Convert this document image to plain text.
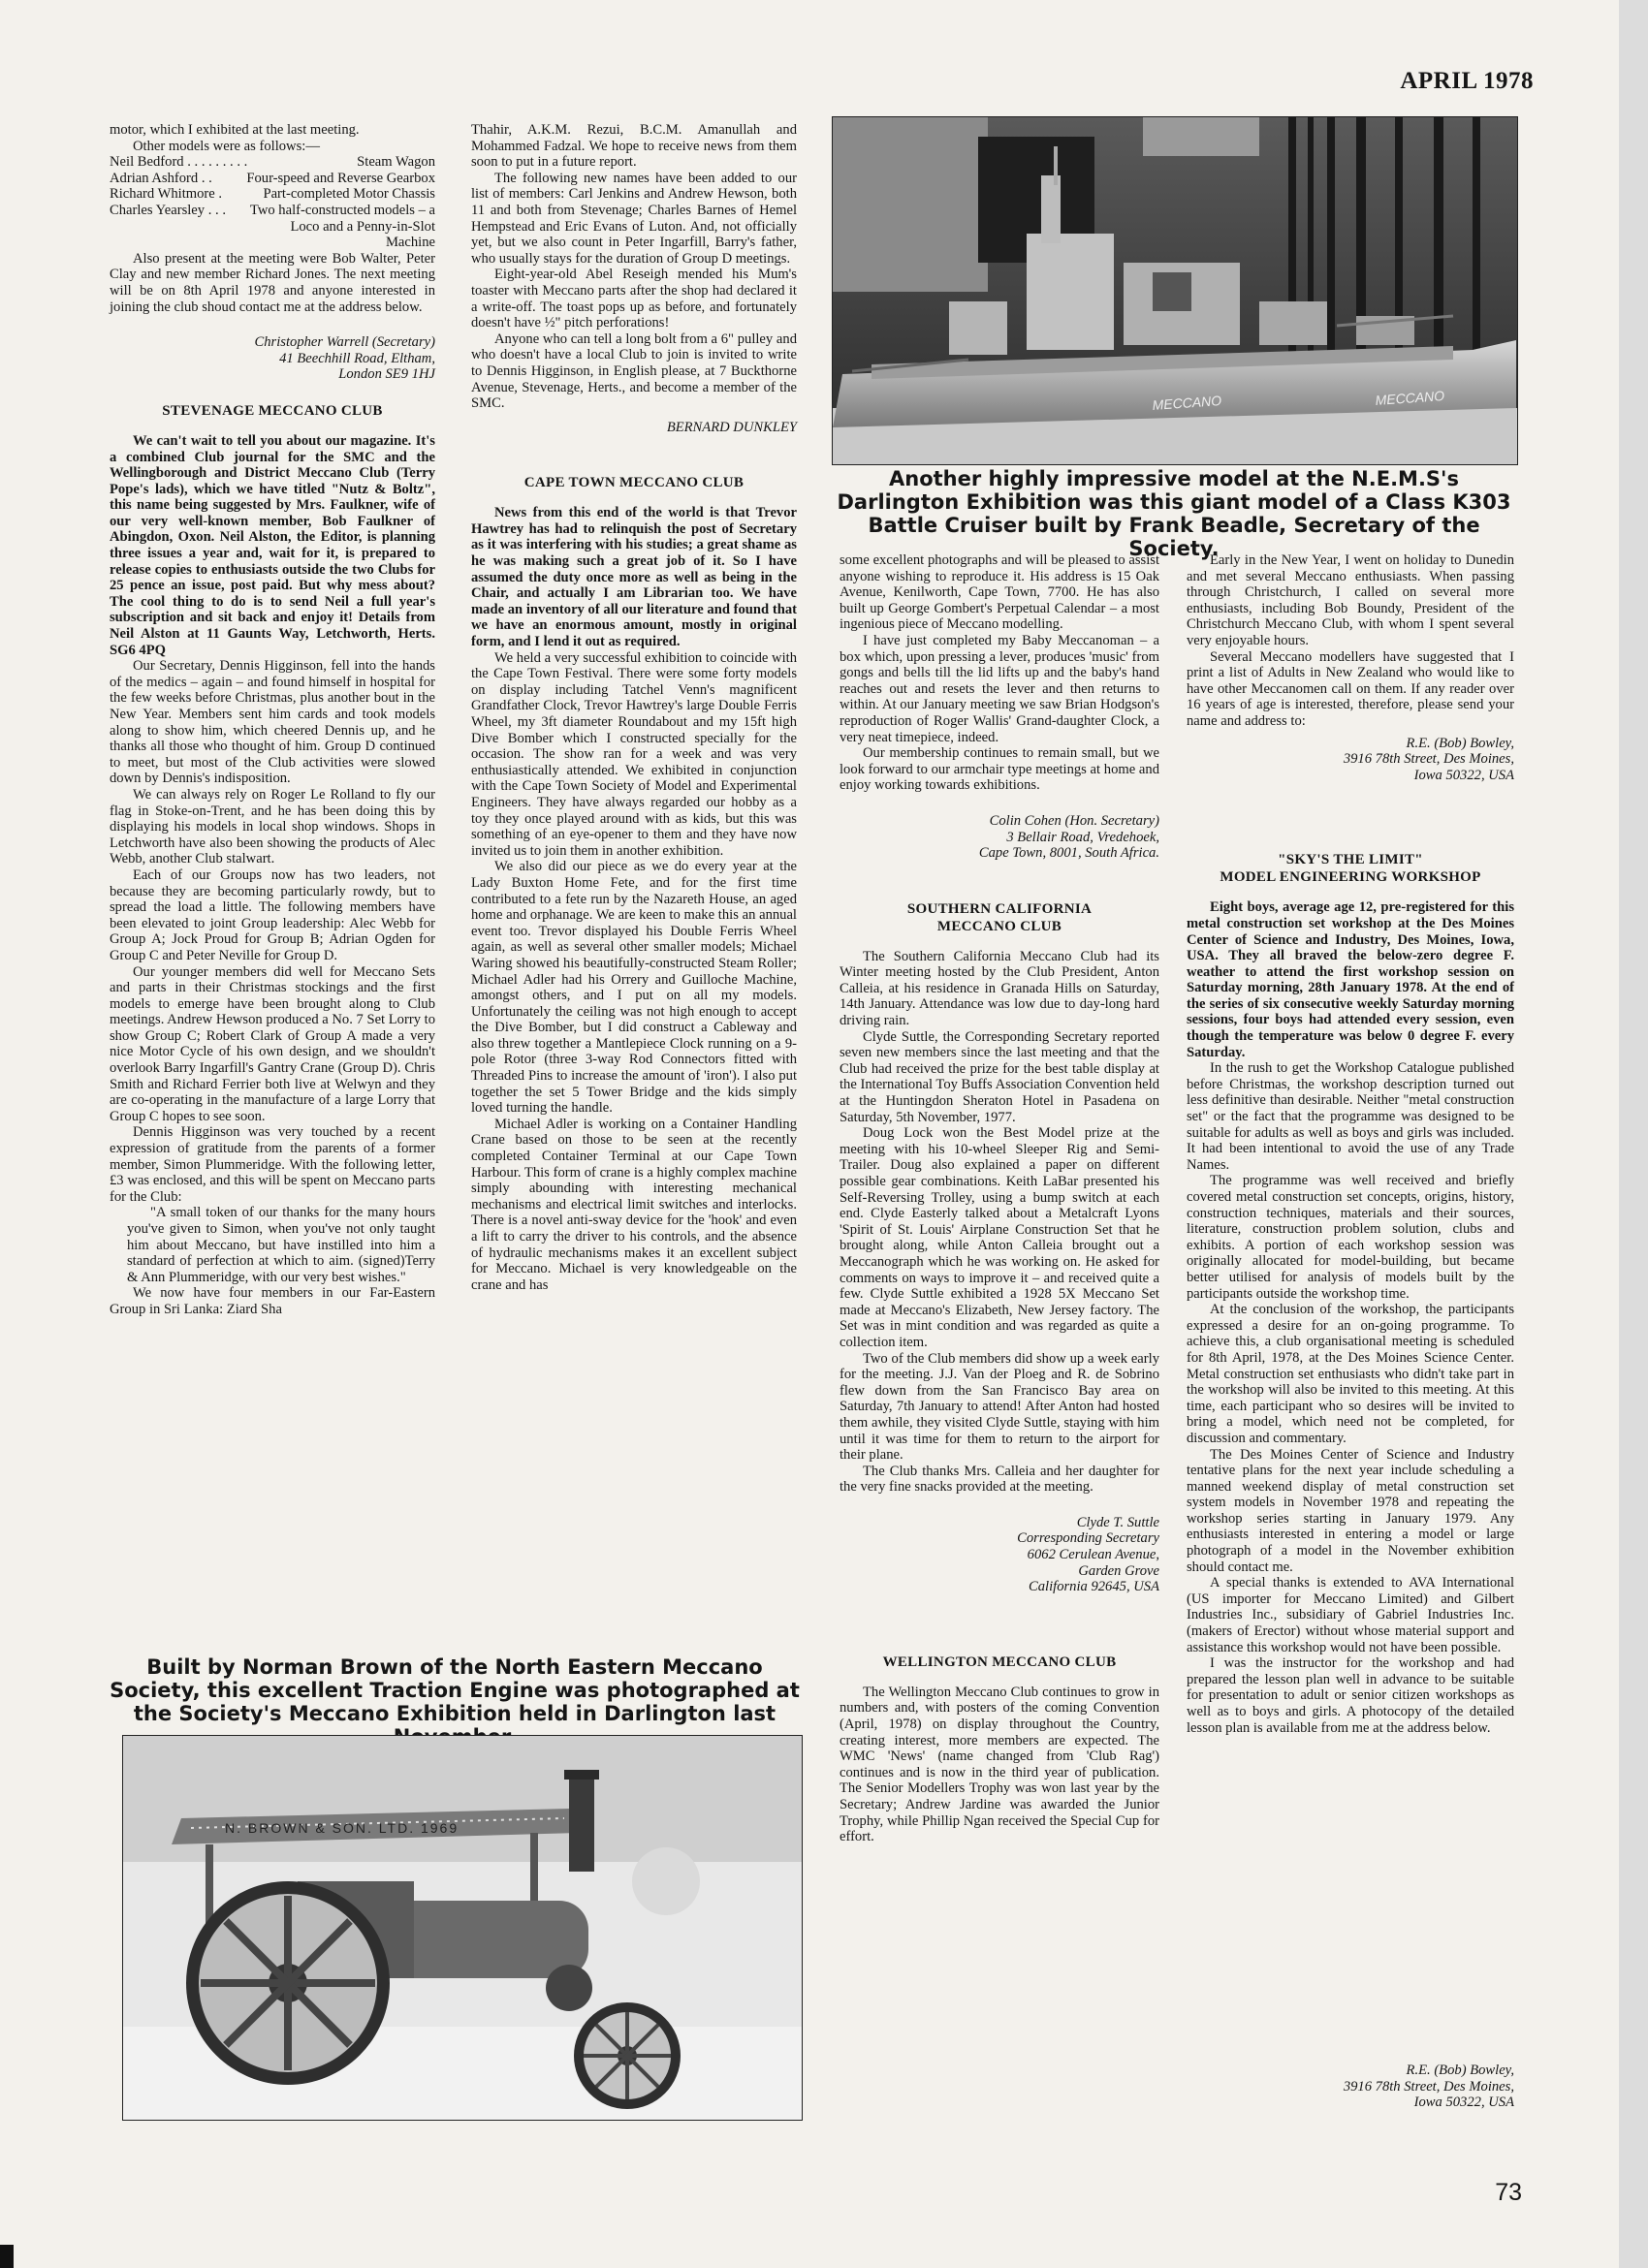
APRIL 1978

motor, which I exhibited at the last meeting.

Other models were as follows:—

Neil Bedford . . . . . . . . .	Steam Wagon
Adrian Ashford . .	Four-speed and Reverse Gearbox
Richard Whitmore .	Part-completed Motor Chassis
Charles Yearsley . . .	Two half-constructed models – a Loco and a Penny-in-Slot Machine

Also present at the meeting were Bob Walter, Peter Clay and new member Richard Jones. The next meeting will be on 8th April 1978 and anyone interested in joining the club shoud contact me at the address below.

Christopher Warrell (Secretary)

41 Beechhill Road, Eltham,

London SE9 1HJ

STEVENAGE MECCANO CLUB

We can't wait to tell you about our magazine. It's a combined Club journal for the SMC and the Wellingborough and District Meccano Club (Terry Pope's lads), which we have titled "Nutz & Boltz", this name being suggested by Mrs. Faulkner, wife of our very well-known member, Bob Faulkner of Abingdon, Oxon. Neil Alston, the Editor, is planning three issues a year and, wait for it, is prepared to release copies to enthusiasts outside the two Clubs for 25 pence an issue, post paid. But why mess about? The cool thing to do is to send Neil a full year's subscription and sit back and enjoy it! Details from Neil Alston at 11 Gaunts Way, Letchworth, Herts. SG6 4PQ

Our Secretary, Dennis Higginson, fell into the hands of the medics – again – and found himself in hospital for the few weeks before Christmas, plus another bout in the New Year. Members sent him cards and took models along to show him, which cheered Dennis up, and he thanks all those who thought of him. Group D continued to meet, but most of the Club activities were slowed down by Dennis's indisposition.

We can always rely on Roger Le Rolland to fly our flag in Stoke-on-Trent, and he has been doing this by displaying his models in local shop windows. Shops in Letchworth have also been showing the products of Alec Webb, another Club stalwart.

Each of our Groups now has two leaders, not because they are becoming particularly rowdy, but to spread the load a little. The following members have been elevated to joint Group leadership: Alec Webb for Group A; Jock Proud for Group B; Adrian Ogden for Group C and Peter Neville for Group D.

Our younger members did well for Meccano Sets and parts in their Christmas stockings and the first models to emerge have been brought along to Club meetings. Andrew Hewson produced a No. 7 Set Lorry to show Group C; Robert Clark of Group A made a very nice Motor Cycle of his own design, and we shouldn't overlook Barry Ingarfill's Gantry Crane (Group D). Chris Smith and Richard Ferrier both live at Welwyn and they are co-operating in the manufacture of a large Lorry that Group C hopes to see soon.

Dennis Higginson was very touched by a recent expression of gratitude from the parents of a former member, Simon Plummeridge. With the following letter, £3 was enclosed, and this will be spent on Meccano parts for the Club:

"A small token of our thanks for the many hours you've given to Simon, when you've not only taught him about Meccano, but have instilled into him a standard of perfection at which to aim. (signed)Terry & Ann Plummeridge, with our very best wishes."

We now have four members in our Far-Eastern Group in Sri Lanka: Ziard Sha

Thahir, A.K.M. Rezui, B.C.M. Amanullah and Mohammed Fadzal. We hope to receive news from them soon to put in a future report.

The following new names have been added to our list of members: Carl Jenkins and Andrew Hewson, both 11 and both from Stevenage; Charles Barnes of Hemel Hempstead and Eric Evans of Luton. And, not officially yet, but we also count in Peter Ingarfill, Barry's father, who usually stays for the duration of Group D meetings.

Eight-year-old Abel Reseigh mended his Mum's toaster with Meccano parts after the shop had declared it a write-off. The toast pops up as before, and fortunately doesn't have ½" pitch perforations!

Anyone who can tell a long bolt from a 6" pulley and who doesn't have a local Club to join is invited to write to Dennis Higginson, in English please, at 7 Buckthorne Avenue, Stevenage, Herts., and become a member of the SMC.

BERNARD DUNKLEY

CAPE TOWN MECCANO CLUB

News from this end of the world is that Trevor Hawtrey has had to relinquish the post of Secretary as it was interfering with his studies; a great shame as he was making such a great job of it. So I have assumed the duty once more as well as being in the Chair, and actually I am Librarian too. We have made an inventory of all our literature and found that we have an enormous amount, mostly in original form, and I lend it out as required.

We held a very successful exhibition to coincide with the Cape Town Festival. There were some forty models on display including Tatchel Venn's magnificent Grandfather Clock, Trevor Hawtrey's large Double Ferris Wheel, my 3ft diameter Roundabout and my 15ft high Dive Bomber which I constructed specially for the occasion. The show ran for a week and was very enthusiastically attended. We exhibited in conjunction with the Cape Town Society of Model and Experimental Engineers. They have always regarded our hobby as a toy they once played around with as kids, but this was something of an eye-opener to them and they have now invited us to join them in another exhibition.

We also did our piece as we do every year at the Lady Buxton Home Fete, and for the first time contributed to a fete run by the Nazareth House, an aged home and orphanage. We are keen to make this an annual event too. Trevor displayed his Double Ferris Wheel again, as well as several other smaller models; Michael Waring showed his beautifully-constructed Steam Roller; Michael Adler had his Orrery and Guilloche Machine, amongst others, and I put on all my models. Unfortunately the ceiling was not high enough to accept the Dive Bomber, but I did construct a Cableway and also threw together a Mantlepiece Clock running on a 9-pole Rotor (three 3-way Rod Connectors fitted with Threaded Pins to increase the amount of 'iron'). I also put together the set 5 Tower Bridge and the kids simply loved turning the handle.

Michael Adler is working on a Container Handling Crane based on those to be seen at the recently completed Container Terminal at our Cape Town Harbour. This form of crane is a highly complex machine simply abounding with interesting mechanical mechanisms and electrical limit switches and interlocks. There is a novel anti-sway device for the 'hook' and even a lift to carry the driver to his controls, and the absence of hydraulic mechanisms makes it an excellent subject for Meccano. Michael is very knowledgeable on the crane and has

MECCANO	MECCANO
Another highly impressive model at the N.E.M.S's Darlington Exhibition was this giant model of a Class K303 Battle Cruiser built by Frank Beadle, Secretary of the Society.

some excellent photographs and will be pleased to assist anyone wishing to reproduce it. His address is 15 Oak Avenue, Kenilworth, Cape Town, 7700. He has also built up George Gombert's Perpetual Calendar – a most ingenious piece of Meccano modelling.

I have just completed my Baby Meccanoman – a box which, upon pressing a lever, produces 'music' from gongs and bells till the lid lifts up and the baby's hand reaches out and resets the lever and then returns to within. At our January meeting we saw Brian Hodgson's reproduction of Roger Wallis' Grand-daughter Clock, a very neat timepiece, indeed.

Our membership continues to remain small, but we look forward to our armchair type meetings at home and enjoy working towards exhibitions.

Colin Cohen (Hon. Secretary)

3 Bellair Road, Vredehoek,

Cape Town, 8001, South Africa.

SOUTHERN CALIFORNIA MECCANO CLUB

The Southern California Meccano Club had its Winter meeting hosted by the Club President, Anton Calleia, at his residence in Granada Hills on Saturday, 14th January. Attendance was low due to day-long hard driving rain.

Clyde Suttle, the Corresponding Secretary reported seven new members since the last meeting and that the Club had received the prize for the best table display at the International Toy Buffs Association Convention held at the Huntingdon Sheraton Hotel in Pasadena on Saturday, 5th November, 1977.

Doug Lock won the Best Model prize at the meeting with his 10-wheel Sleeper Rig and Semi-Trailer. Doug also explained a paper on different possible gear combinations. Keith LaBar presented his Self-Reversing Trolley, using a bump switch at each end. Clyde Easterly talked about a Metalcraft Lyons 'Spirit of St. Louis' Airplane Construction Set that he brought along, while Anton Calleia brought out a Meccanograph which he was working on. He asked for comments on ways to improve it – and received quite a few. Clyde Suttle exhibited a 1928 5X Meccano Set made at Meccano's Elizabeth, New Jersey factory. The Set was in mint condition and was regarded as quite a collection item.

Two of the Club members did show up a week early for the meeting. J.J. Van der Ploeg and R. de Sobrino flew down from the San Francisco Bay area on Saturday, 7th January to attend! After Anton had hosted them awhile, they visited Clyde Suttle, staying with him until it was time for them to return to the airport for their plane.

The Club thanks Mrs. Calleia and her daughter for the very fine snacks provided at the meeting.

Clyde T. Suttle

Corresponding Secretary

6062 Cerulean Avenue,

Garden Grove

California 92645, USA

WELLINGTON MECCANO CLUB

The Wellington Meccano Club continues to grow in numbers and, with posters of the coming Convention (April, 1978) on display throughout the Country, creating interest, more members are expected. The WMC 'News' (name changed from 'Club Rag') continues and is now in the third year of publication. The Senior Modellers Trophy was won last year by the Secretary; Andrew Jardine was awarded the Junior Trophy, while Phillip Ngan received the Special Cup for effort.

Early in the New Year, I went on holiday to Dunedin and met several Meccano enthusiasts. When passing through Christchurch, I called on several more enthusiasts, including Bob Boundy, President of the Christchurch Meccano Club, with whom I spent several very enjoyable hours.

Several Meccano modellers have suggested that I print a list of Adults in New Zealand who would like to have other Meccanomen call on them. If any reader over 16 years of age is interested, therefore, please send your name and address to:

R.E. (Bob) Bowley,

3916 78th Street, Des Moines,

Iowa 50322, USA

"SKY'S THE LIMIT"
MODEL ENGINEERING WORKSHOP

Eight boys, average age 12, pre-registered for this metal construction set workshop at the Des Moines Center of Science and Industry, Des Moines, Iowa, USA. They all braved the below-zero degree F. weather to attend the first workshop session on Saturday morning, 28th January 1978. At the end of the series of six consecutive weekly Saturday morning sessions, four boys had attended every session, even though the temperature was below 0 degree F. every Saturday.

In the rush to get the Workshop Catalogue published before Christmas, the workshop description turned out less definitive than desirable. Neither "metal construction set" or the fact that the programme was designed to be suitable for adults as well as boys and girls was included. It had been intentional to avoid the use of any Trade Names.

The programme was well received and briefly covered metal construction set concepts, origins, history, construction techniques, materials and their sources, literature, construction problem solution, clubs and exhibits. A portion of each workshop session was originally allocated for model-building, but became better utilised for analysis of models built by the participants outside the workshop time.

At the conclusion of the workshop, the participants expressed a desire for an on-going programme. To achieve this, a club organisational meeting is scheduled for 8th April, 1978, at the Des Moines Science Center. Metal construction set enthusiasts who didn't take part in the workshop will also be invited to this meeting. At this time, each participant who so desires will be invited to bring a model, which need not be completed, for discussion and commentary.

The Des Moines Center of Science and Industry tentative plans for the next year include scheduling a manned weekend display of metal construction set system models in November 1978 and repeating the workshop series starting in January 1979. Any enthusiasts interested in entering a model or large photograph of a model in the November exhibition should contact me.

A special thanks is extended to AVA International (US importer for Meccano Limited) and Gilbert Industries Inc., subsidiary of Gabriel Industries Inc. (makers of Erector) without whose material support and assistance this workshop would not have been possible.

I was the instructor for the workshop and had prepared the lesson plan well in advance to be suitable for presentation to adult or senior citizen workshops as well as to boys and girls. A photocopy of the detailed lesson plan is available from me at the address below.

Built by Norman Brown of the North Eastern Meccano Society, this excellent Traction Engine was photographed at the Society's Meccano Exhibition held in Darlington last
N. BROWN & SON. LTD. 1969

R.E. (Bob) Bowley,

3916 78th Street, Des Moines,

Iowa 50322, USA

73
